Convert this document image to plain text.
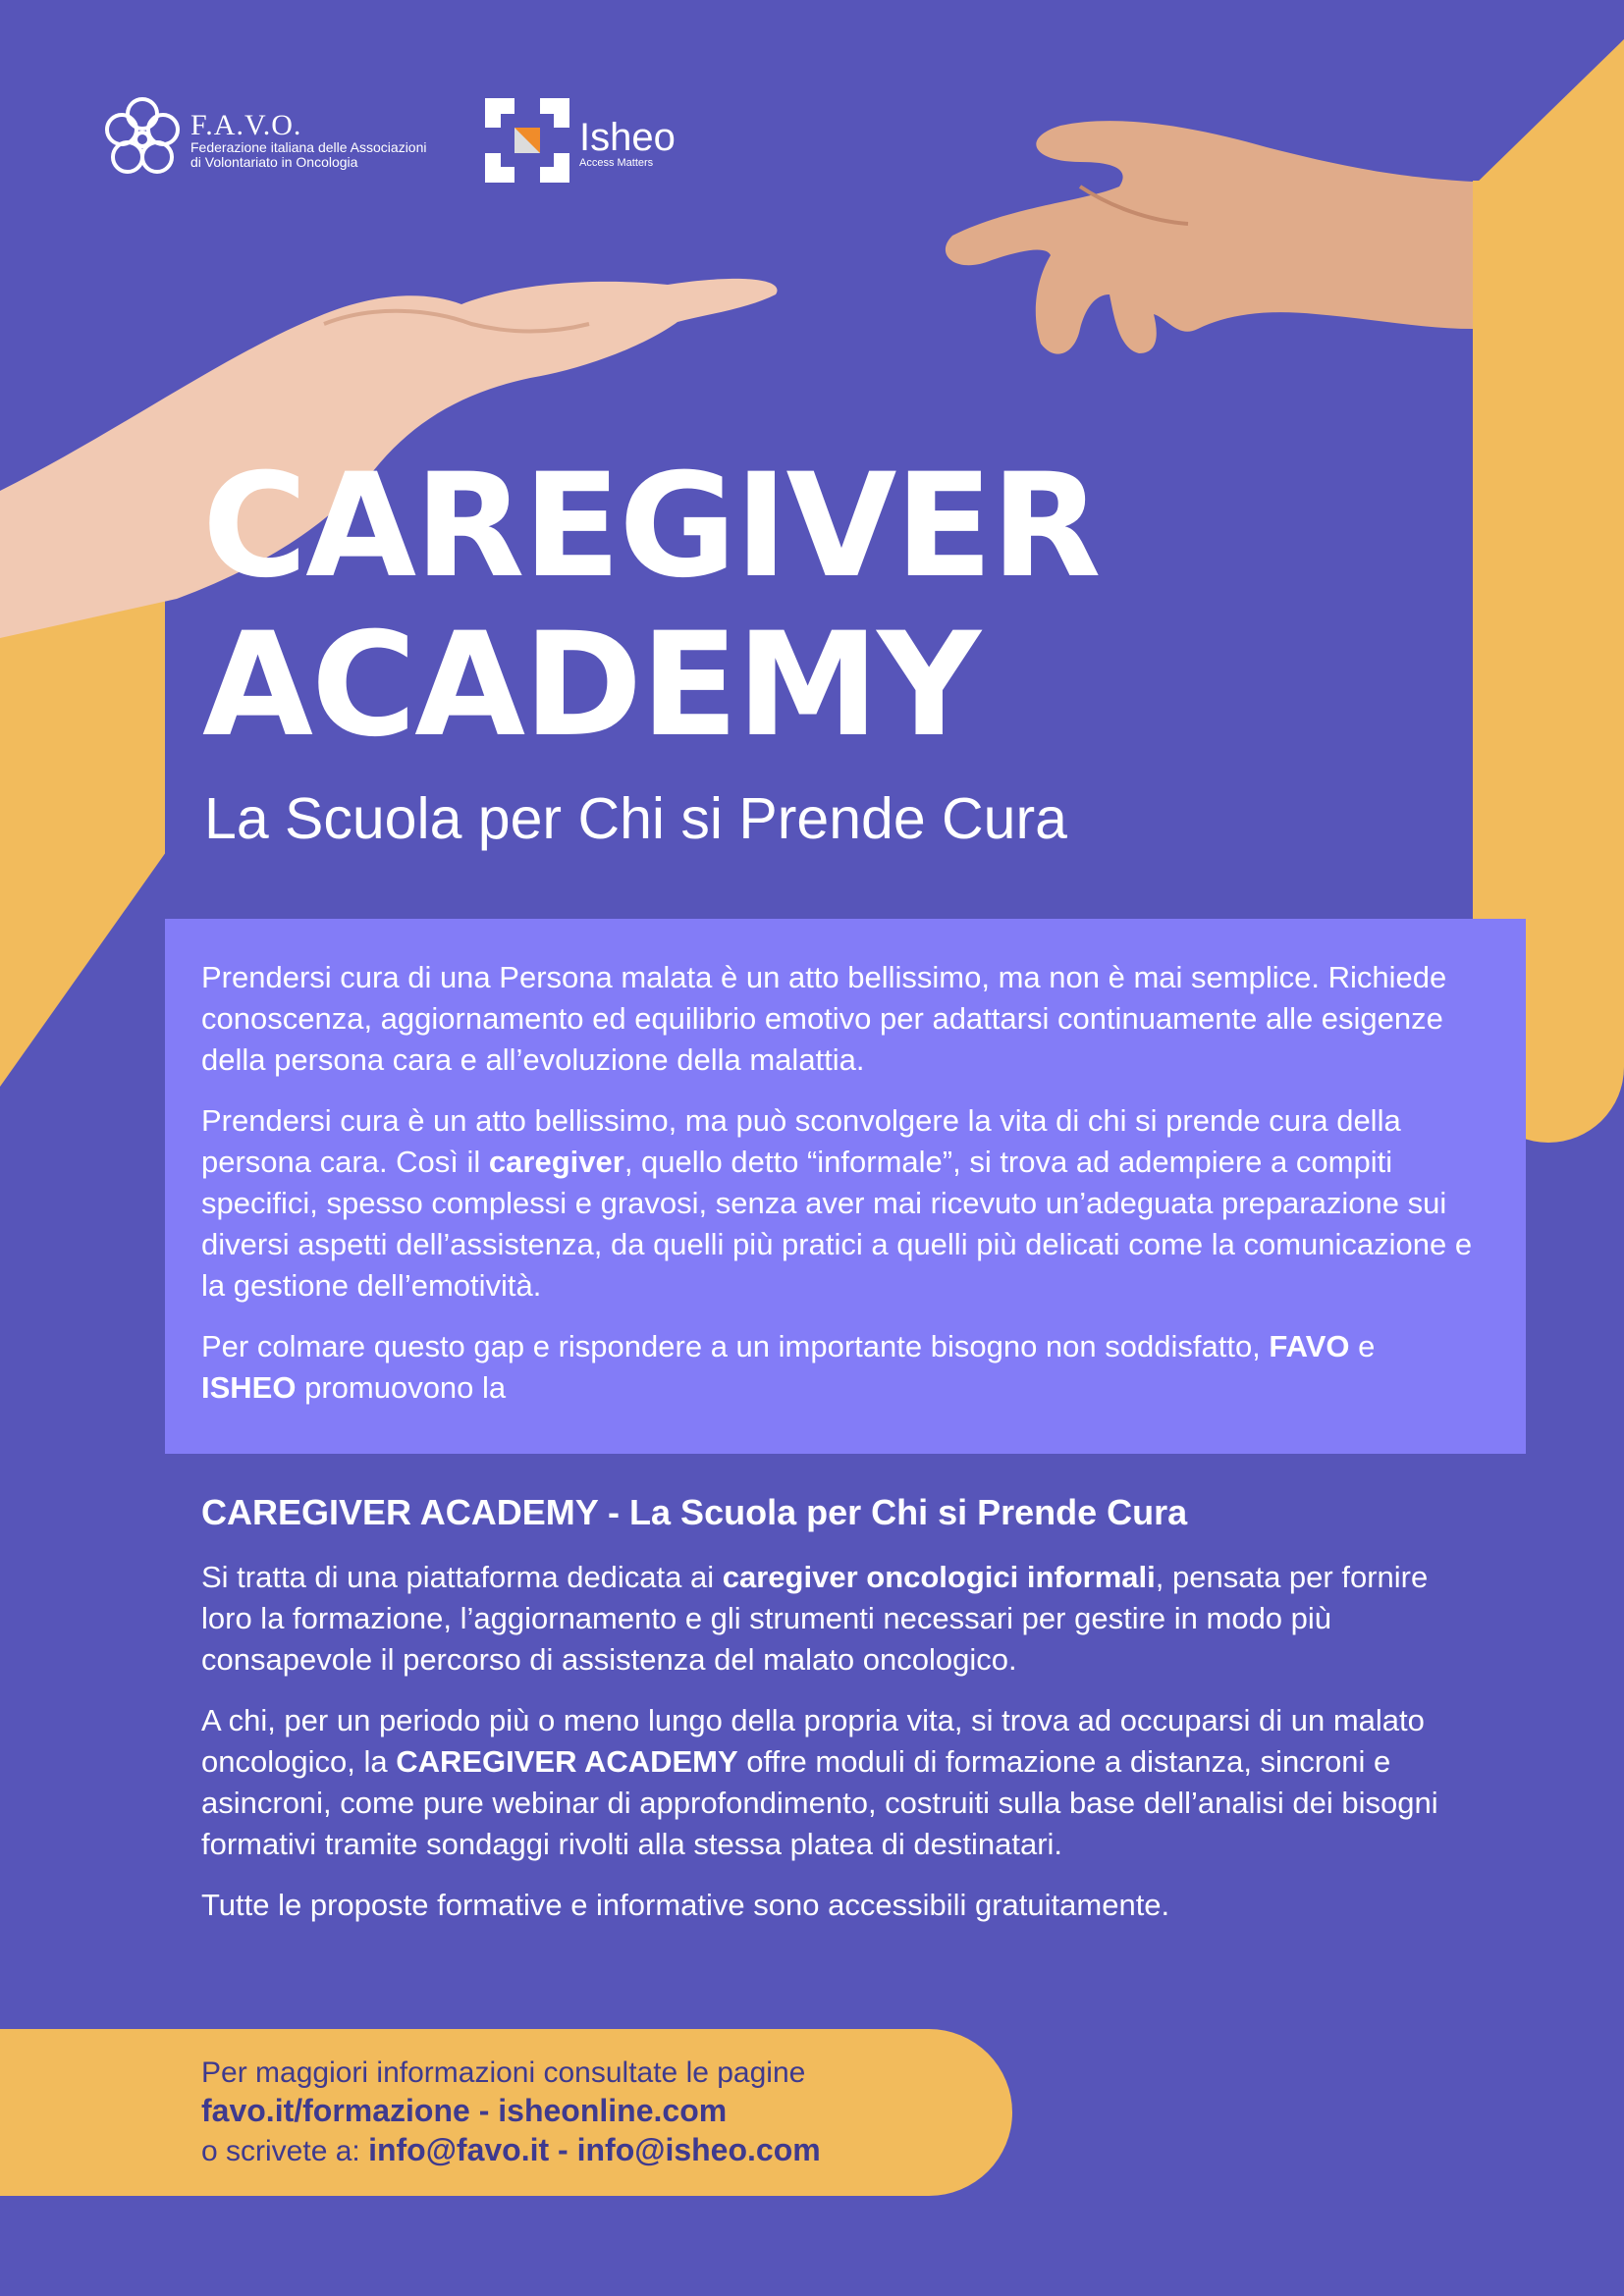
F.A.V.O.
Federazione italiana delle Associazioni
di Volontariato in Oncologia
Isheo
Access Matters
CAREGIVER
ACADEMY
La Scuola per Chi si Prende Cura

Prendersi cura di una Persona malata è un atto bellissimo, ma non è mai semplice. Richiede conoscenza, aggiornamento ed equilibrio emotivo per adattarsi continuamente alle esigenze della persona cara e all’evoluzione della malattia.

Prendersi cura è un atto bellissimo, ma può sconvolgere la vita di chi si prende cura della persona cara. Così il caregiver, quello detto “informale”, si trova ad adempiere a compiti specifici, spesso complessi e gravosi, senza aver mai ricevuto un’adeguata preparazione sui diversi aspetti dell’assistenza, da quelli più pratici a quelli più delicati come la comunicazione e la gestione dell’emotività.

Per colmare questo gap e rispondere a un importante bisogno non soddisfatto, FAVO e ISHEO promuovono la

CAREGIVER ACADEMY - La Scuola per Chi si Prende Cura

Si tratta di una piattaforma dedicata ai caregiver oncologici informali, pensata per fornire loro la formazione, l’aggiornamento e gli strumenti necessari per gestire in modo più consapevole il percorso di assistenza del malato oncologico.

A chi, per un periodo più o meno lungo della propria vita, si trova ad occuparsi di un malato oncologico, la CAREGIVER ACADEMY offre moduli di formazione a distanza, sincroni e asincroni, come pure webinar di approfondimento, costruiti sulla base dell’analisi dei bisogni formativi tramite sondaggi rivolti alla stessa platea di destinatari.

Tutte le proposte formative e informative sono accessibili gratuitamente.

Per maggiori informazioni consultate le pagine
favo.it/formazione - isheonline.com
o scrivete a: info@favo.it - info@isheo.com
